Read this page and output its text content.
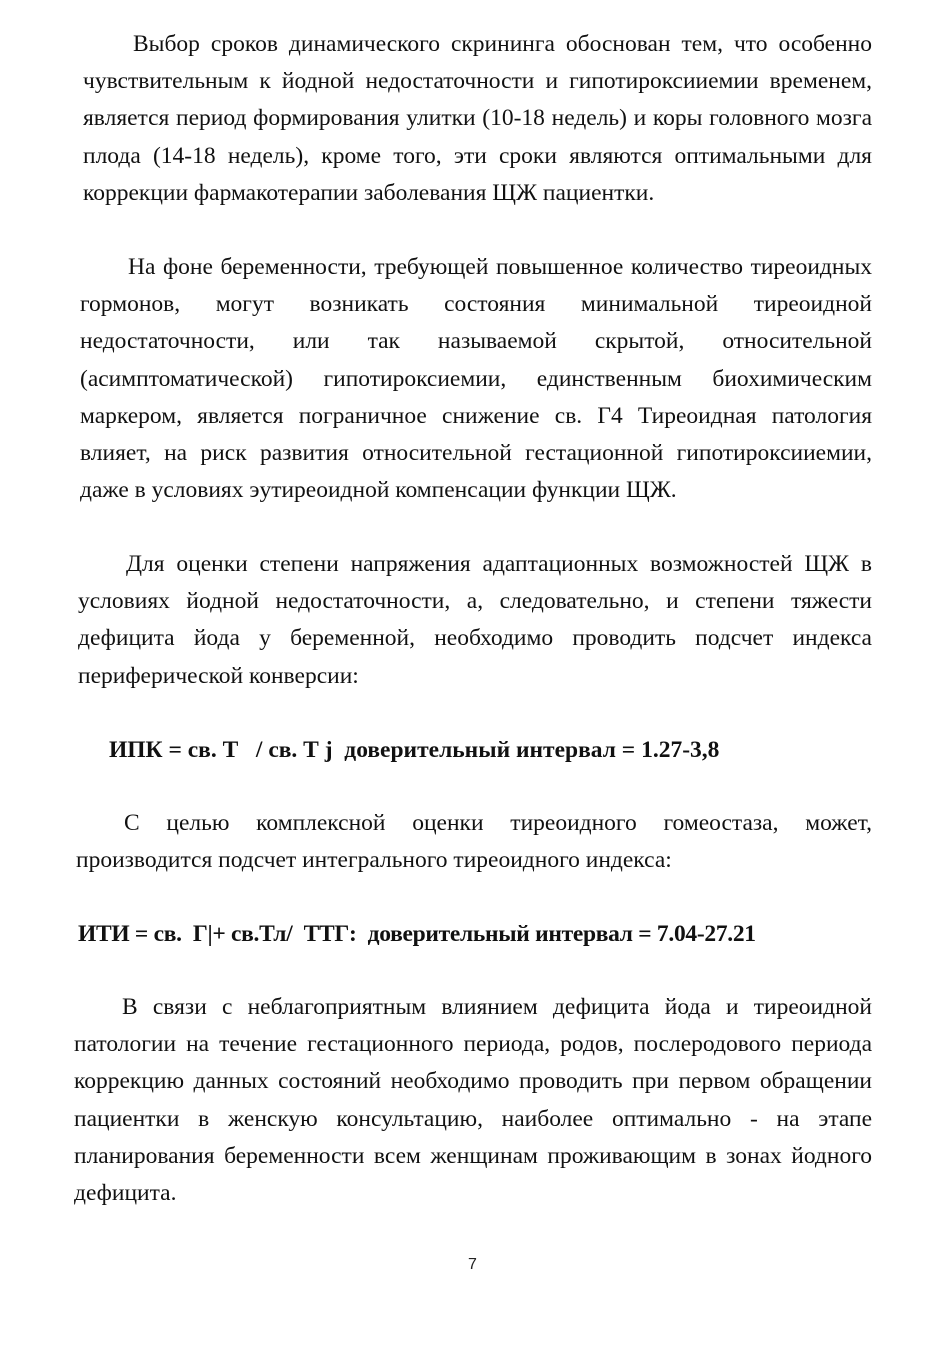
Выбор сроков динамического скрининга обоснован тем, что особенно чувствительным к йодной недостаточности и гипотироксииемии временем, является период формирования улитки (10-18 недель) и коры головного мозга плода (14-18 недель), кроме того, эти сроки являются оптимальными для коррекции фармакотерапии заболевания ЩЖ пациентки.

На фоне беременности, требующей повышенное количество тиреоидных гормонов, могут возникать состояния минимальной тиреоидной недостаточности, или так называемой скрытой, относительной (асимптоматической) гипотироксиемии, единственным биохимическим маркером, является пограничное снижение св. Г4 Тиреоидная патология влияет, на риск развития относительной гестационной гипотироксииемии, даже в условиях эутиреоидной компенсации функции ЩЖ.

Для оценки степени напряжения адаптационных возможностей ЩЖ в условиях йодной недостаточности, а, следовательно, и степени тяжести дефицита йода у беременной, необходимо проводить подсчет индекса периферической конверсии:

ИПК = св. Т   / св. Т j  доверительный интервал = 1.27-3,8

С целью комплексной оценки тиреоидного гомеостаза, может, производится подсчет интегрального тиреоидного индекса:

ИТИ = св.  Г|+ св.Тл/  ТТГ:  доверительный интервал = 7.04-27.21

В связи с неблагоприятным влиянием дефицита йода и тиреоидной патологии на течение гестационного периода, родов, послеродового периода коррекцию данных состояний необходимо проводить при первом обращении пациентки в женскую консультацию, наиболее оптимально - на этапе планирования беременности всем женщинам проживающим в зонах йодного дефицита.

7
